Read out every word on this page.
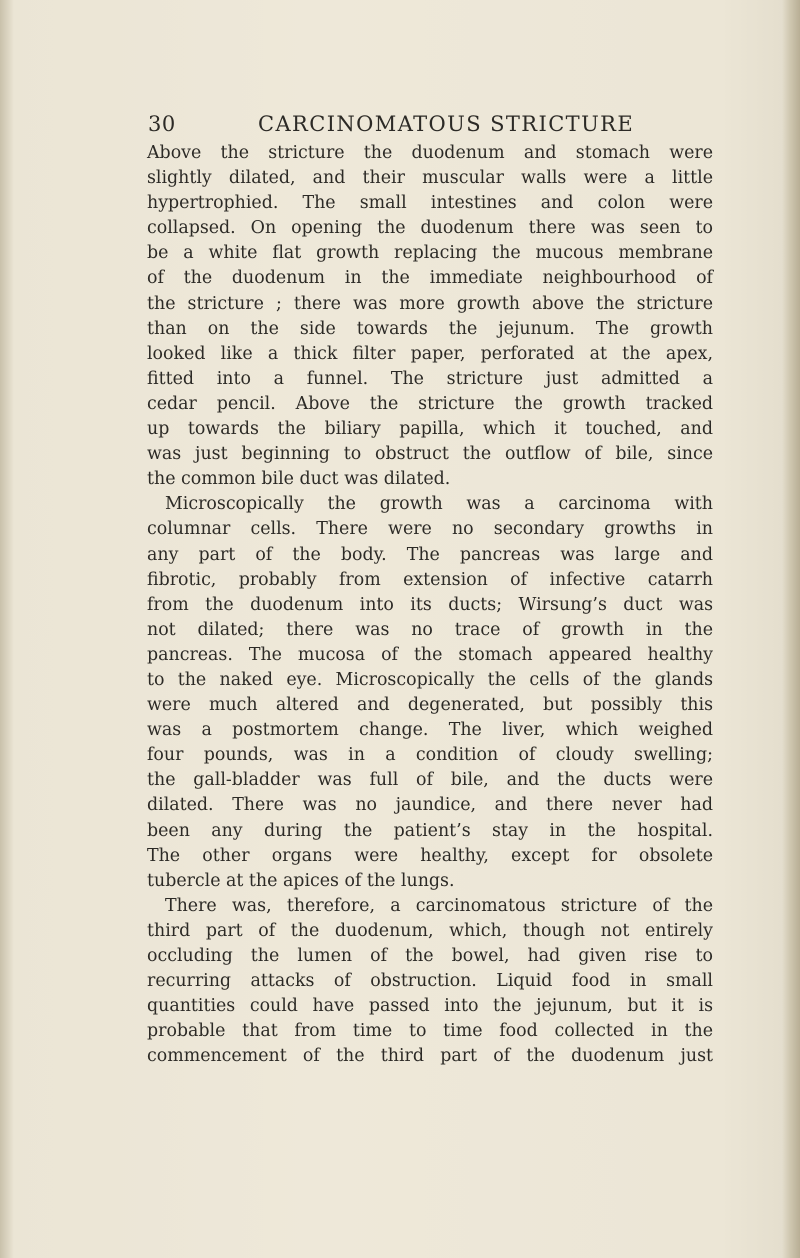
30	CARCINOMATOUS STRICTURE
Above the stricture the duodenum and stomach were
slightly dilated, and their muscular walls were a little
hypertrophied. The small intestines and colon were
collapsed. On opening the duodenum there was seen to
be a white flat growth replacing the mucous membrane
of the duodenum in the immediate neighbourhood of
the stricture ; there was more growth above the stricture
than on the side towards the jejunum. The growth
looked like a thick filter paper, perforated at the apex,
fitted into a funnel. The stricture just admitted a
cedar pencil. Above the stricture the growth tracked
up towards the biliary papilla, which it touched, and
was just beginning to obstruct the outflow of bile, since
the common bile duct was dilated.
Microscopically the growth was a carcinoma with
columnar cells. There were no secondary growths in
any part of the body. The pancreas was large and
fibrotic, probably from extension of infective catarrh
from the duodenum into its ducts; Wirsung’s duct was
not dilated; there was no trace of growth in the
pancreas. The mucosa of the stomach appeared healthy
to the naked eye. Microscopically the cells of the glands
were much altered and degenerated, but possibly this
was a postmortem change. The liver, which weighed
four pounds, was in a condition of cloudy swelling;
the gall-bladder was full of bile, and the ducts were
dilated. There was no jaundice, and there never had
been any during the patient’s stay in the hospital.
The other organs were healthy, except for obsolete
tubercle at the apices of the lungs.
There was, therefore, a carcinomatous stricture of the
third part of the duodenum, which, though not entirely
occluding the lumen of the bowel, had given rise to
recurring attacks of obstruction. Liquid food in small
quantities could have passed into the jejunum, but it is
probable that from time to time food collected in the
commencement of the third part of the duodenum just
